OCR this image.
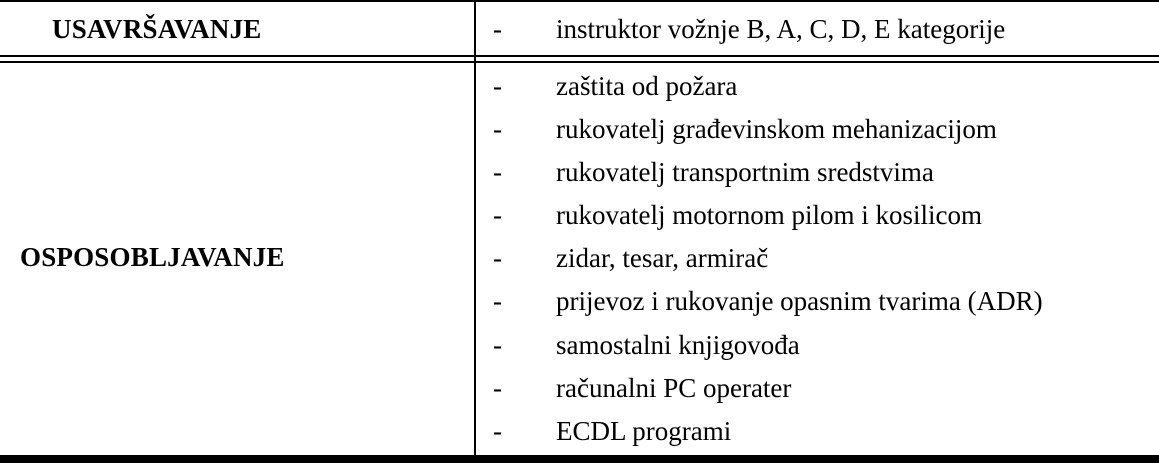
USAVRŠAVANJE	- instruktor vožnje B, A, C, D, E kategorije
OSPOSOBLJAVANJE
- zaštita od požara
- rukovatelj građevinskom mehanizacijom
- rukovatelj transportnim sredstvima
- rukovatelj motornom pilom i kosilicom
- zidar, tesar, armirač
- prijevoz i rukovanje opasnim tvarima (ADR)
- samostalni knjigovođa
- računalni PC operater
- ECDL programi
